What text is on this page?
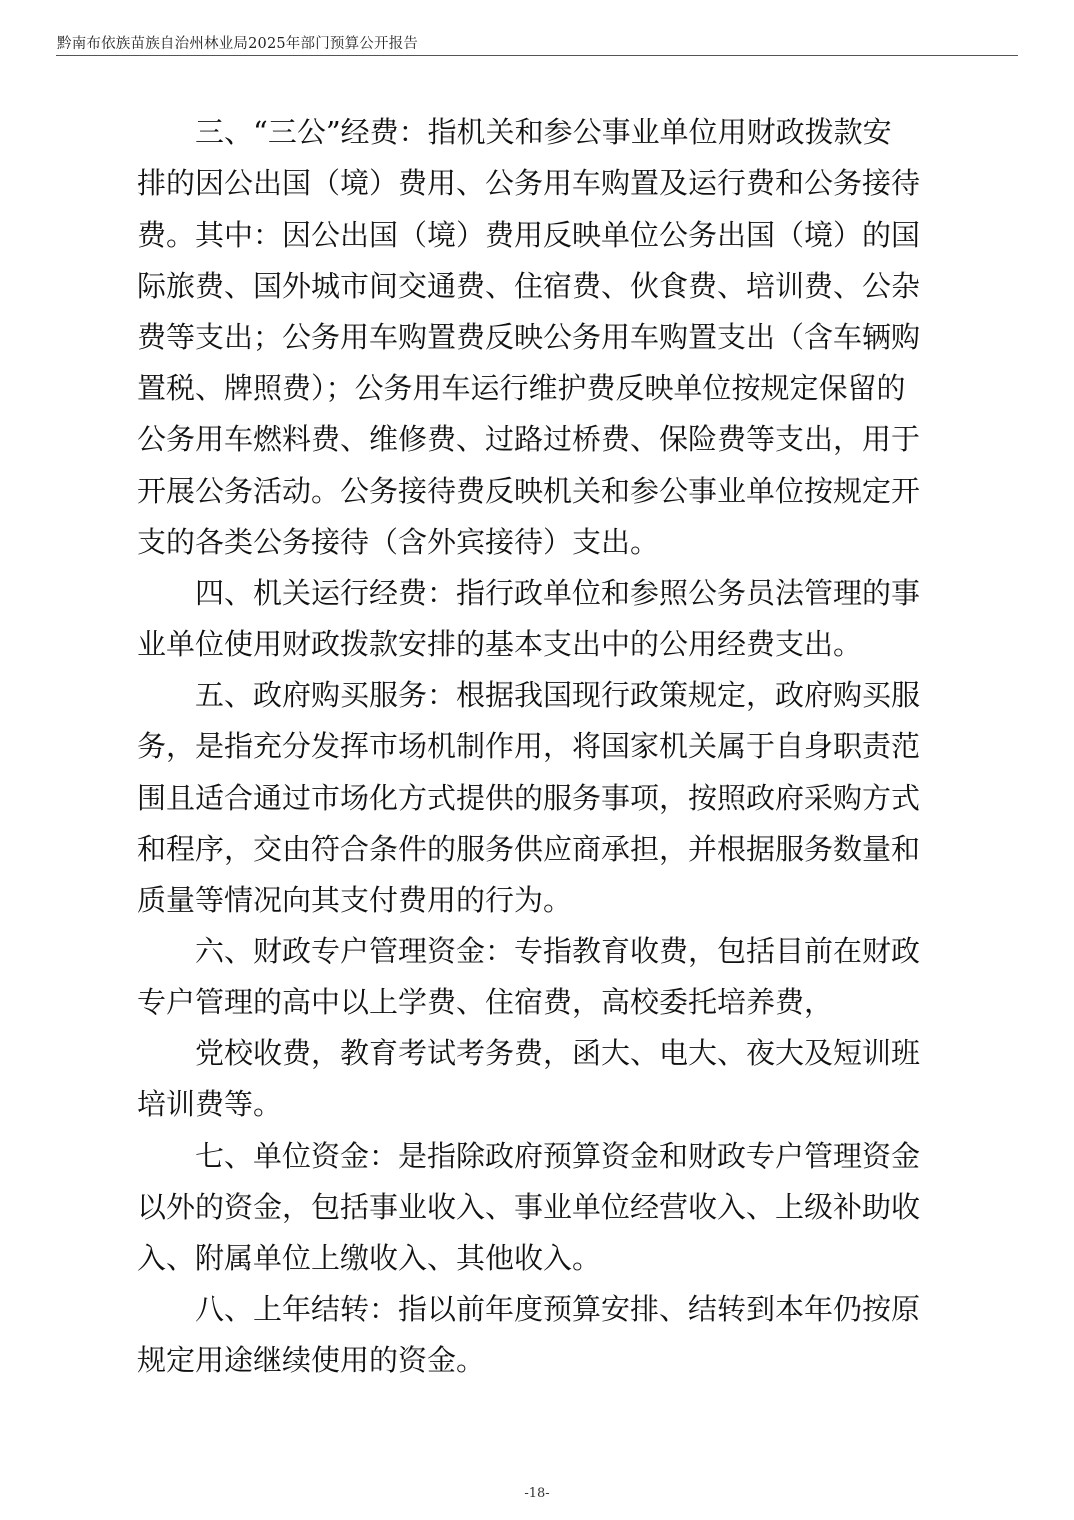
黔南布依族苗族自治州林业局2025年部门预算公开报告
　　三、“三公”经费：指机关和参公事业单位用财政拨款安
排的因公出国（境）费用、公务用车购置及运行费和公务接待
费。其中：因公出国（境）费用反映单位公务出国（境）的国
际旅费、国外城市间交通费、住宿费、伙食费、培训费、公杂
费等支出；公务用车购置费反映公务用车购置支出（含车辆购
置税、牌照费）；公务用车运行维护费反映单位按规定保留的
公务用车燃料费、维修费、过路过桥费、保险费等支出，用于
开展公务活动。公务接待费反映机关和参公事业单位按规定开
支的各类公务接待（含外宾接待）支出。
　　四、机关运行经费：指行政单位和参照公务员法管理的事
业单位使用财政拨款安排的基本支出中的公用经费支出。
　　五、政府购买服务：根据我国现行政策规定，政府购买服
务，是指充分发挥市场机制作用，将国家机关属于自身职责范
围且适合通过市场化方式提供的服务事项，按照政府采购方式
和程序，交由符合条件的服务供应商承担，并根据服务数量和
质量等情况向其支付费用的行为。
　　六、财政专户管理资金：专指教育收费，包括目前在财政
专户管理的高中以上学费、住宿费，高校委托培养费，
　　党校收费，教育考试考务费，函大、电大、夜大及短训班
培训费等。
　　七、单位资金：是指除政府预算资金和财政专户管理资金
以外的资金，包括事业收入、事业单位经营收入、上级补助收
入、附属单位上缴收入、其他收入。
　　八、上年结转：指以前年度预算安排、结转到本年仍按原
规定用途继续使用的资金。
-18-
